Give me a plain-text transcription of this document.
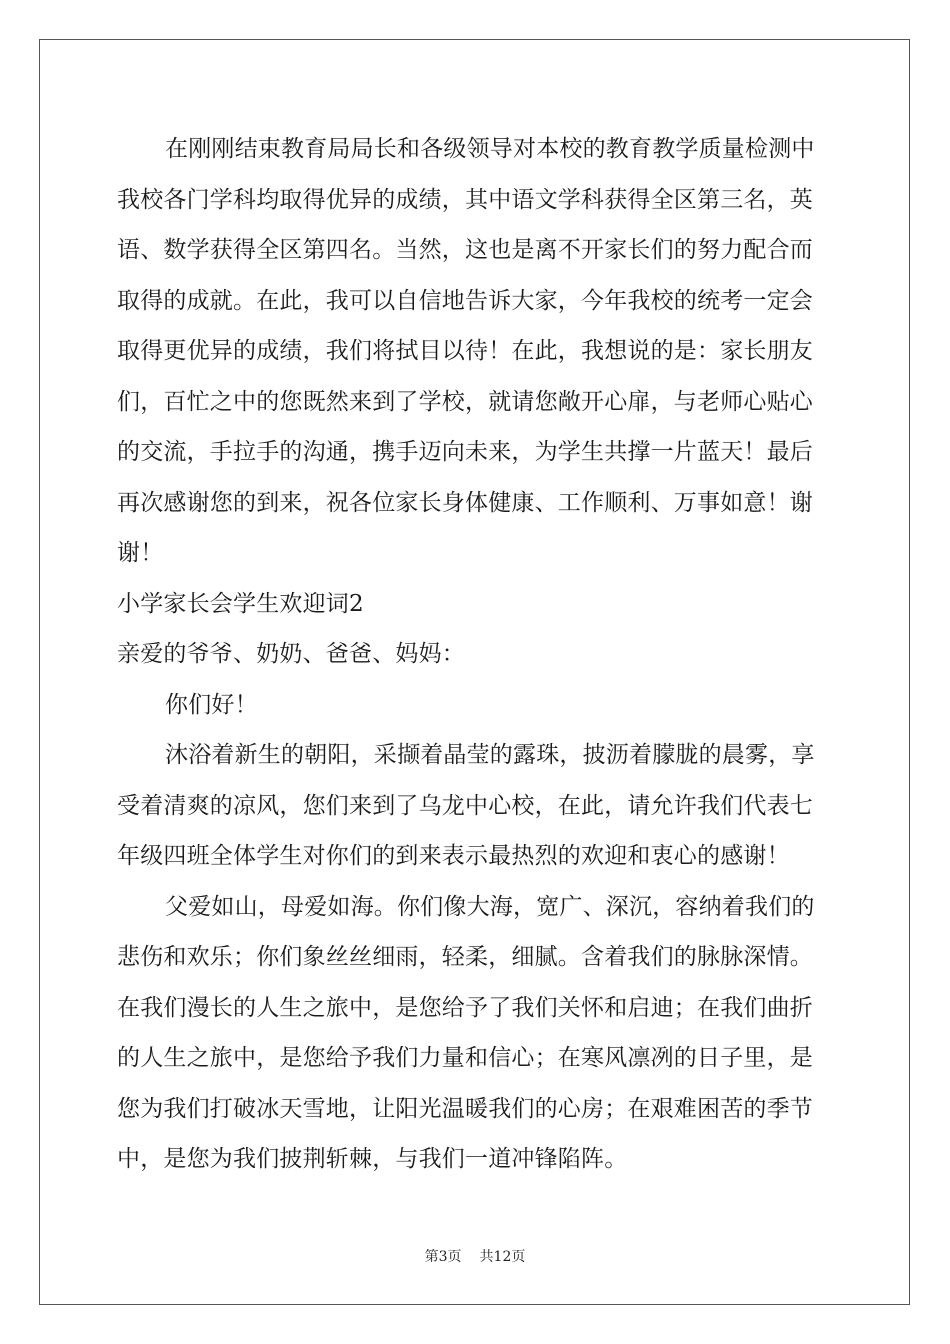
在刚刚结束教育局局长和各级领导对本校的教育教学质量检测中
我校各门学科均取得优异的成绩，其中语文学科获得全区第三名，英
语、数学获得全区第四名。当然，这也是离不开家长们的努力配合而
取得的成就。在此，我可以自信地告诉大家，今年我校的统考一定会
取得更优异的成绩，我们将拭目以待！在此，我想说的是：家长朋友
们，百忙之中的您既然来到了学校，就请您敞开心扉，与老师心贴心
的交流，手拉手的沟通，携手迈向未来，为学生共撑一片蓝天！最后
再次感谢您的到来，祝各位家长身体健康、工作顺利、万事如意！谢
谢！
小学家长会学生欢迎词2
亲爱的爷爷、奶奶、爸爸、妈妈：
你们好！
沐浴着新生的朝阳，采撷着晶莹的露珠，披沥着朦胧的晨雾，享
受着清爽的凉风，您们来到了乌龙中心校，在此，请允许我们代表七
年级四班全体学生对你们的到来表示最热烈的欢迎和衷心的感谢！
父爱如山，母爱如海。你们像大海，宽广、深沉，容纳着我们的
悲伤和欢乐；你们象丝丝细雨，轻柔，细腻。含着我们的脉脉深情。
在我们漫长的人生之旅中，是您给予了我们关怀和启迪；在我们曲折
的人生之旅中，是您给予我们力量和信心；在寒风凛冽的日子里，是
您为我们打破冰天雪地，让阳光温暖我们的心房；在艰难困苦的季节
中，是您为我们披荆斩棘，与我们一道冲锋陷阵。
第3页 共12页
